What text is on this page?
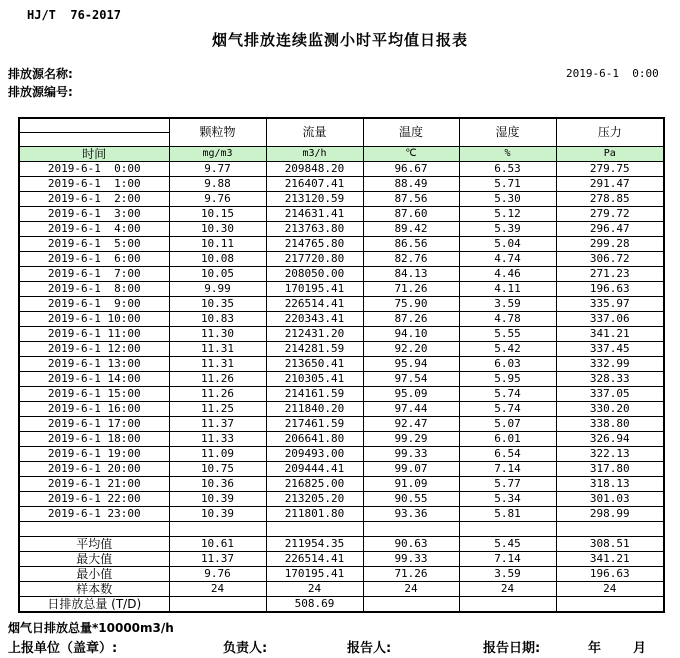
HJ/T  76-2017
烟气排放连续监测小时平均值日报表
排放源名称:
排放源编号:
2019-6-1  0:00
	颗粒物	流量	温度	湿度	压力

时间	mg/m3	m3/h	℃	%	Pa
2019-6-1  0:00	9.77	209848.20	96.67	6.53	279.75
2019-6-1  1:00	9.88	216407.41	88.49	5.71	291.47
2019-6-1  2:00	9.76	213120.59	87.56	5.30	278.85
2019-6-1  3:00	10.15	214631.41	87.60	5.12	279.72
2019-6-1  4:00	10.30	213763.80	89.42	5.39	296.47
2019-6-1  5:00	10.11	214765.80	86.56	5.04	299.28
2019-6-1  6:00	10.08	217720.80	82.76	4.74	306.72
2019-6-1  7:00	10.05	208050.00	84.13	4.46	271.23
2019-6-1  8:00	9.99	170195.41	71.26	4.11	196.63
2019-6-1  9:00	10.35	226514.41	75.90	3.59	335.97
2019-6-1 10:00	10.83	220343.41	87.26	4.78	337.06
2019-6-1 11:00	11.30	212431.20	94.10	5.55	341.21
2019-6-1 12:00	11.31	214281.59	92.20	5.42	337.45
2019-6-1 13:00	11.31	213650.41	95.94	6.03	332.99
2019-6-1 14:00	11.26	210305.41	97.54	5.95	328.33
2019-6-1 15:00	11.26	214161.59	95.09	5.74	337.05
2019-6-1 16:00	11.25	211840.20	97.44	5.74	330.20
2019-6-1 17:00	11.37	217461.59	92.47	5.07	338.80
2019-6-1 18:00	11.33	206641.80	99.29	6.01	326.94
2019-6-1 19:00	11.09	209493.00	99.33	6.54	322.13
2019-6-1 20:00	10.75	209444.41	99.07	7.14	317.80
2019-6-1 21:00	10.36	216825.00	91.09	5.77	318.13
2019-6-1 22:00	10.39	213205.20	90.55	5.34	301.03
2019-6-1 23:00	10.39	211801.80	93.36	5.81	298.99

平均值	10.61	211954.35	90.63	5.45	308.51
最大值	11.37	226514.41	99.33	7.14	341.21
最小值	9.76	170195.41	71.26	3.59	196.63
样本数	24	24	24	24	24
日排放总量 (T/D)		508.69			
烟气日排放总量*10000m3/h
上报单位（盖章）:	负责人:	报告人:	报告日期:	年 月
